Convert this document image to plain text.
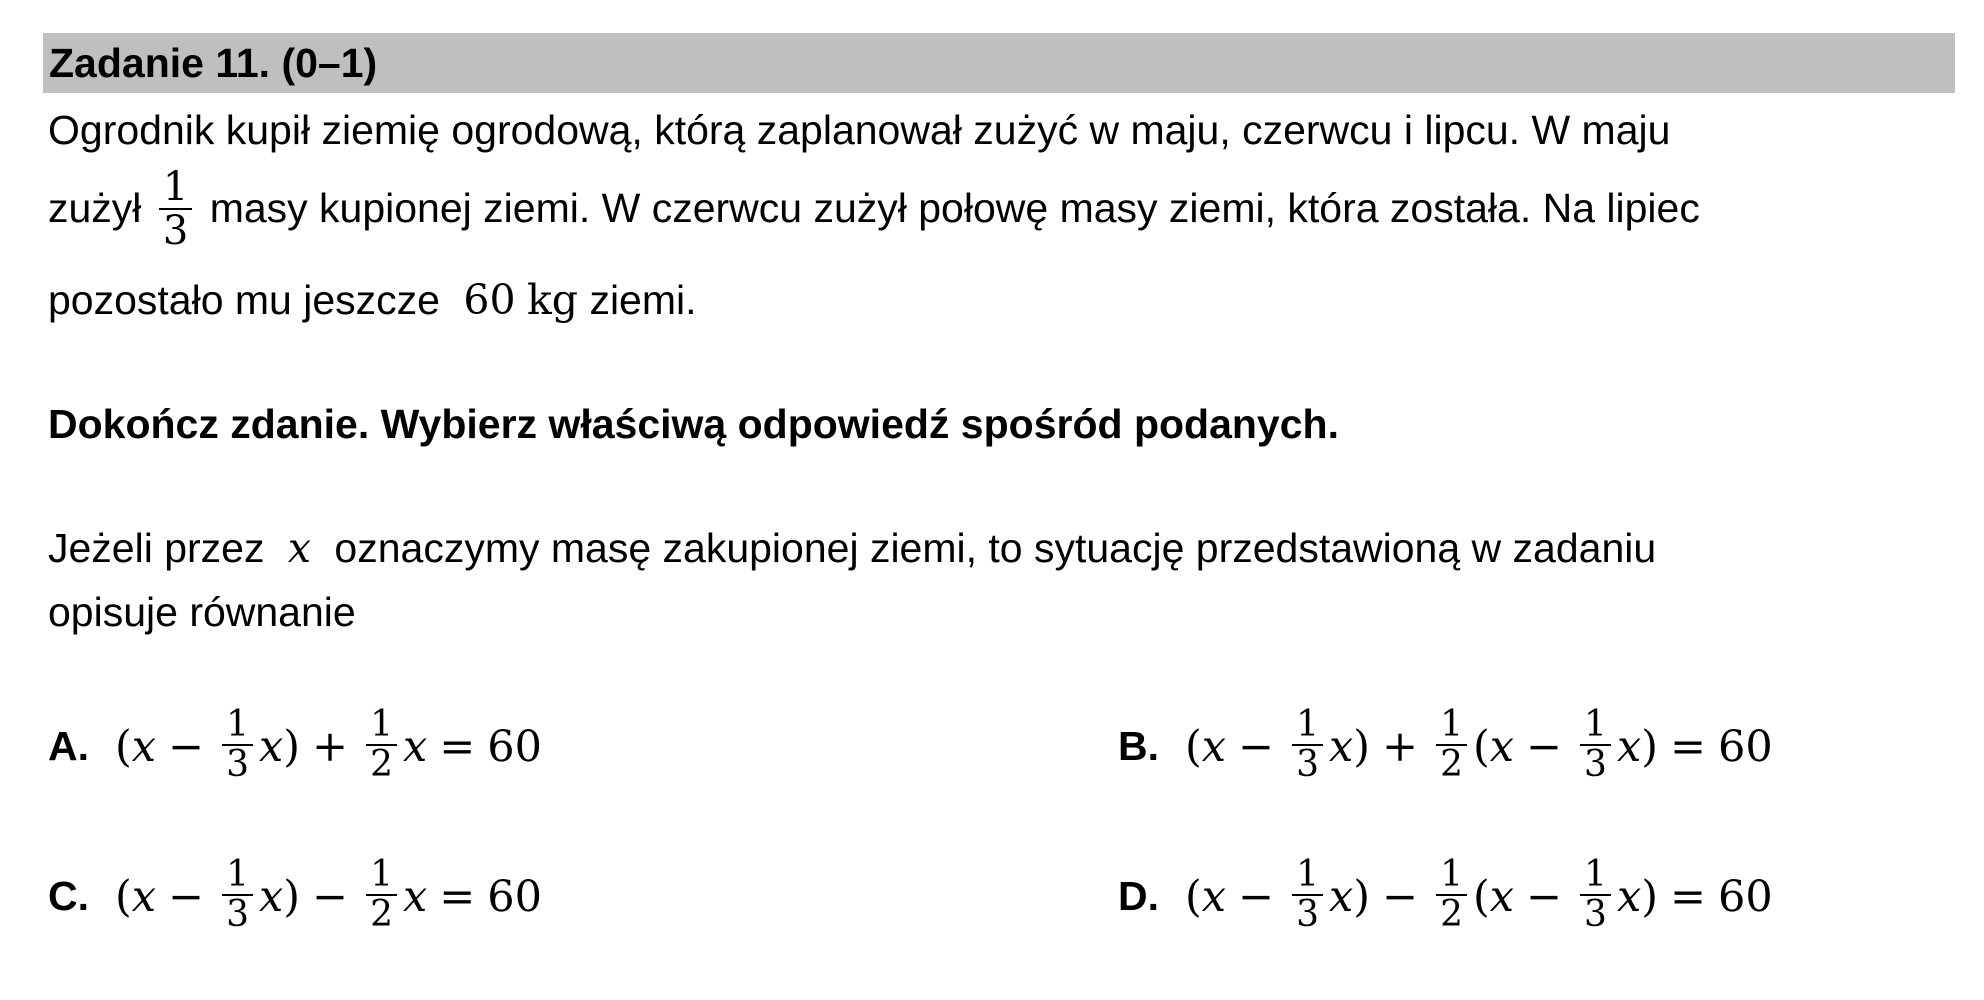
Zadanie 11. (0–1)
Ogrodnik kupił ziemię ogrodową, którą zaplanował zużyć w maju, czerwcu i lipcu. W maju
zużył $\frac{1}{3}$ masy kupionej ziemi. W czerwcu zużył połowę masy ziemi, która została. Na lipiec
pozostało mu jeszcze 60 kg ziemi.
Dokończ zdanie. Wybierz właściwą odpowiedź spośród podanych.
Jeżeli przez x oznaczymy masę zakupionej ziemi, to sytuację przedstawioną w zadaniu
opisuje równanie
A. ( $x - \frac{1}{3}$ x ) + $\frac{1}{2}$ x = 60	B. ( $x - \frac{1}{3}$ x ) + $\frac{1}{2}$ ( $x - \frac{1}{3}$ x ) = 60
C. ( $x - \frac{1}{3}$ x ) − $\frac{1}{2}$ x = 60	D. ( $x - \frac{1}{3}$ x ) − $\frac{1}{2}$ ( $x - \frac{1}{3}$ x ) = 60
